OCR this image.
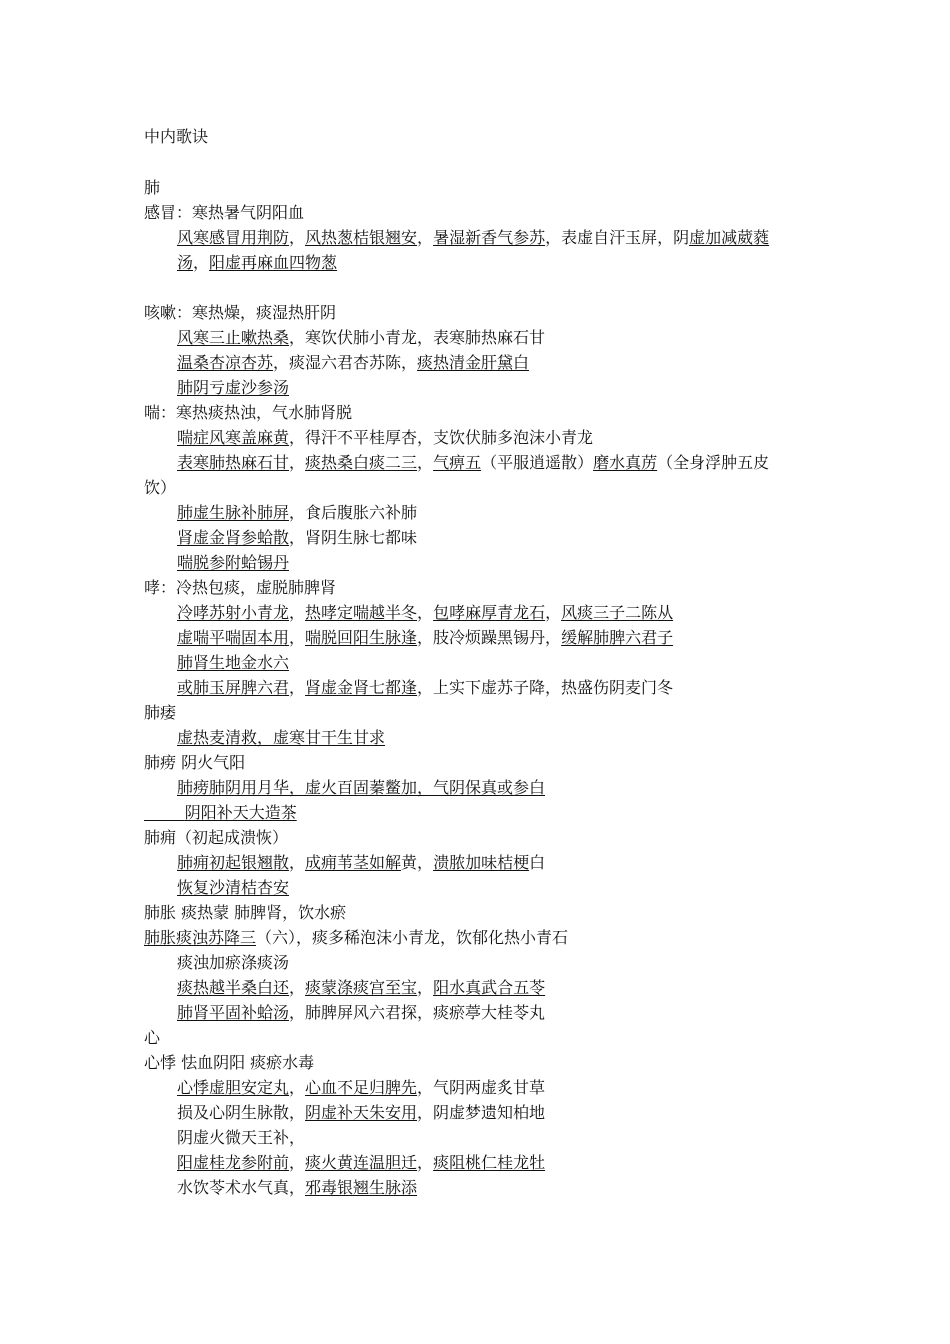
中内歌诀
肺
感冒：寒热暑气阴阳血
风寒感冒用荆防，风热葱桔银翘安，暑湿新香气参苏，表虚自汗玉屏，阴虚加减葳蕤
汤，阳虚再麻血四物葱
咳嗽：寒热燥，痰湿热肝阴
风寒三止嗽热桑，寒饮伏肺小青龙，表寒肺热麻石甘
温桑杏凉杏苏，痰湿六君杏苏陈，痰热清金肝黛白
肺阴亏虚沙参汤
喘：寒热痰热浊，气水肺肾脱
喘症风寒盖麻黄，得汗不平桂厚杏，支饮伏肺多泡沫小青龙
表寒肺热麻石甘，痰热桑白痰二三，气痹五（平服逍遥散）磨水真苈（全身浮肿五皮
饮）
肺虚生脉补肺屏，食后腹胀六补肺
肾虚金肾参蛤散，肾阴生脉七都味
喘脱参附蛤锡丹
哮：冷热包痰，虚脱肺脾肾
冷哮苏射小青龙，热哮定喘越半冬，包哮麻厚青龙石，风痰三子二陈从
虚喘平喘固本用，喘脱回阳生脉逢，肢冷烦躁黑锡丹，缓解肺脾六君子
肺肾生地金水六
或肺玉屏脾六君，肾虚金肾七都逢，上实下虚苏子降，热盛伤阴麦门冬
肺痿
虚热麦清救，虚寒甘干生甘求
肺痨 阴火气阳
肺痨肺阴用月华，虚火百固蓁鳖加，气阴保真或参白
阴阳补天大造茶
肺痈（初起成溃恢）
肺痈初起银翘散，成痈苇茎如解黄，溃脓加味桔梗白
恢复沙清桔杏安
肺胀 痰热蒙 肺脾肾，饮水瘀
肺胀痰浊苏降三（六），痰多稀泡沫小青龙，饮郁化热小青石
痰浊加瘀涤痰汤
痰热越半桑白还，痰蒙涤痰宫至宝，阳水真武合五苓
肺肾平固补蛤汤，肺脾屏风六君探，痰瘀葶大桂苓丸
心
心悸 怯血阴阳 痰瘀水毒
心悸虚胆安定丸，心血不足归脾先，气阴两虚炙甘草
损及心阴生脉散，阴虚补天朱安用，阴虚梦遗知柏地
阴虚火微天王补，
阳虚桂龙参附前，痰火黄连温胆迁，痰阻桃仁桂龙牡
水饮苓术水气真，邪毒银翘生脉添
